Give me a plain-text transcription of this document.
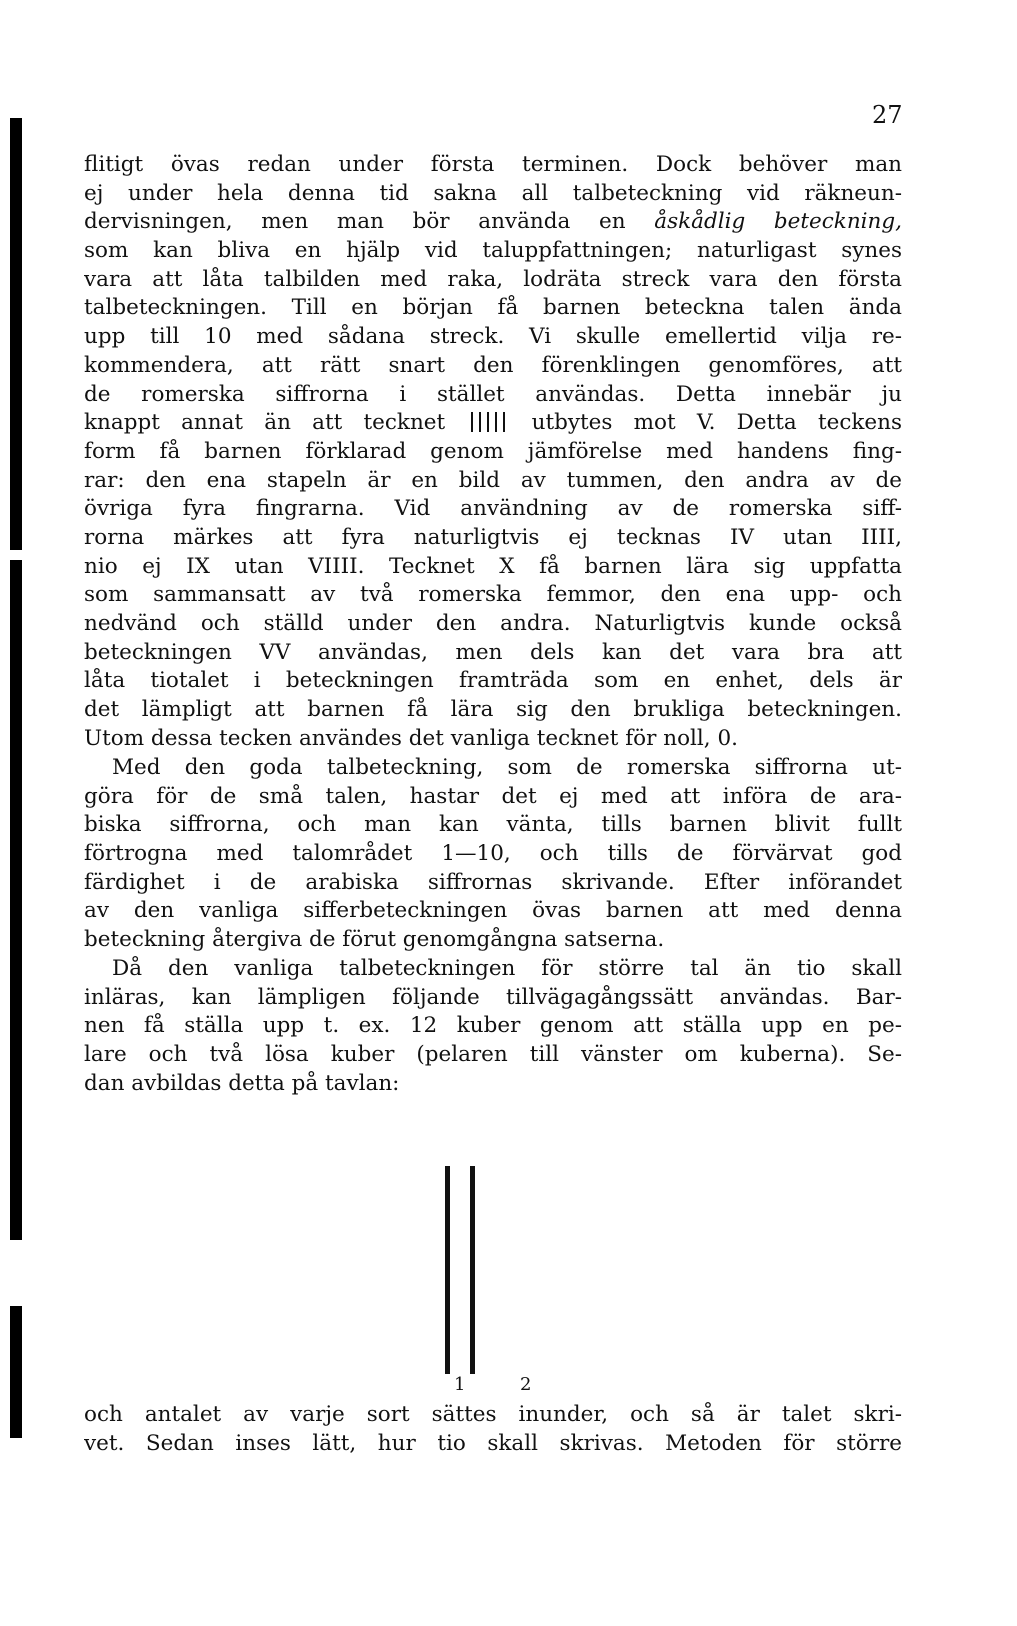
27
flitigt övas redan under första terminen. Dock behöver man
ej under hela denna tid sakna all talbeteckning vid räkneun-
dervisningen, men man bör använda en åskådlig beteckning,
som kan bliva en hjälp vid taluppfattningen; naturligast synes
vara att låta talbilden med raka, lodräta streck vara den första
talbeteckningen. Till en början få barnen beteckna talen ända
upp till 10 med sådana streck. Vi skulle emellertid vilja re-
kommendera, att rätt snart den förenklingen genomföres, att
de romerska siffrorna i stället användas. Detta innebär ju
knappt annat än att tecknet  utbytes mot V. Detta teckens
form få barnen förklarad genom jämförelse med handens fing-
rar: den ena stapeln är en bild av tummen, den andra av de
övriga fyra fingrarna. Vid användning av de romerska siff-
rorna märkes att fyra naturligtvis ej tecknas IV utan IIII,
nio ej IX utan VIIII. Tecknet X få barnen lära sig uppfatta
som sammansatt av två romerska femmor, den ena upp- och
nedvänd och ställd under den andra. Naturligtvis kunde också
beteckningen VV användas, men dels kan det vara bra att
låta tiotalet i beteckningen framträda som en enhet, dels är
det lämpligt att barnen få lära sig den brukliga beteckningen.
Utom dessa tecken användes det vanliga tecknet för noll, 0.
Med den goda talbeteckning, som de romerska siffrorna ut-
göra för de små talen, hastar det ej med att införa de ara-
biska siffrorna, och man kan vänta, tills barnen blivit fullt
förtrogna med talområdet 1—10, och tills de förvärvat god
färdighet i de arabiska siffrornas skrivande. Efter införandet
av den vanliga sifferbeteckningen övas barnen att med denna
beteckning återgiva de förut genomgångna satserna.
Då den vanliga talbeteckningen för större tal än tio skall
inläras, kan lämpligen följande tillvägagångssätt användas. Bar-
nen få ställa upp t. ex. 12 kuber genom att ställa upp en pe-
lare och två lösa kuber (pelaren till vänster om kuberna). Se-
dan avbildas detta på tavlan:
1	2
och antalet av varje sort sättes inunder, och så är talet skri-
vet. Sedan inses lätt, hur tio skall skrivas. Metoden för större
